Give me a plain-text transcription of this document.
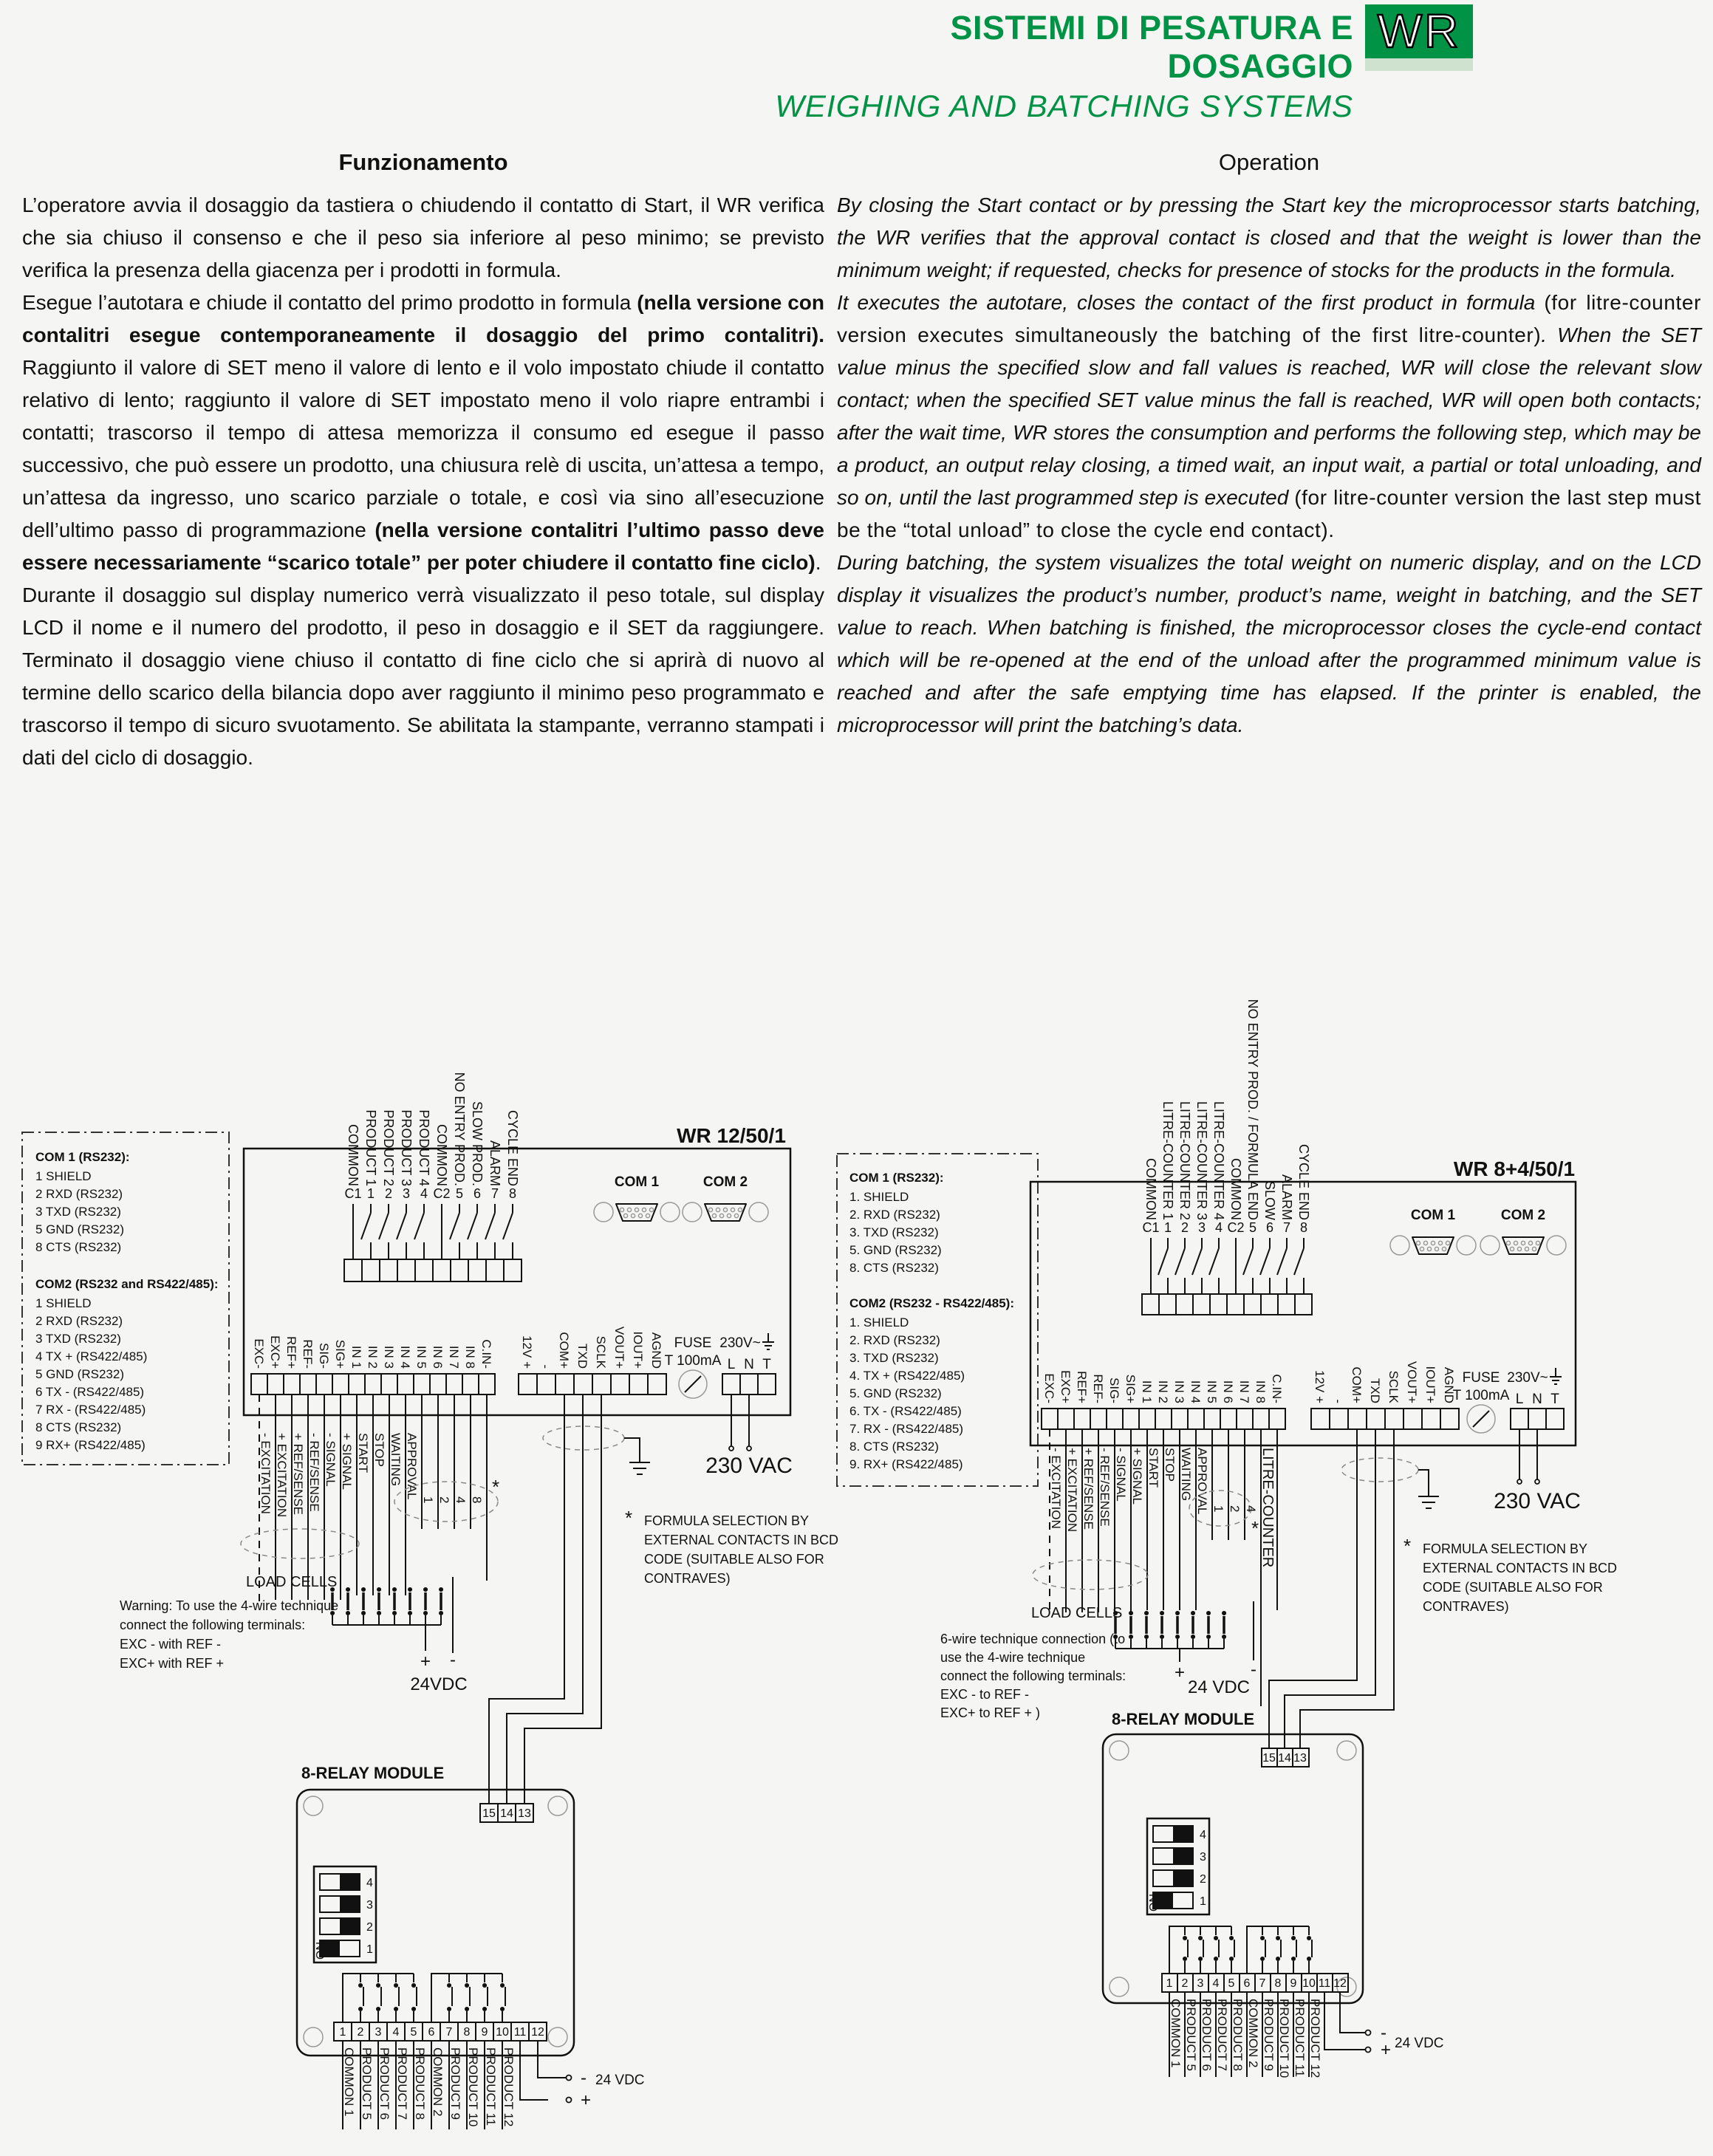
SISTEMI DI PESATURA E DOSAGGIO
WEIGHING AND BATCHING SYSTEMS
WR
Funzionamento

L’operatore avvia il dosaggio da tastiera o chiudendo il contatto di Start, il WR verifica che sia chiuso il consenso e che il peso sia inferiore al peso minimo; se previsto verifica la presenza della giacenza per i prodotti in formula.

Esegue l’autotara e chiude il contatto del primo prodotto in formula (nella versione con contalitri esegue contemporaneamente il dosaggio del primo contalitri). Raggiunto il valore di SET meno il valore di lento e il volo impostato chiude il contatto relativo di lento; raggiunto il valore di SET impostato meno il volo riapre entrambi i contatti; trascorso il tempo di attesa memorizza il consumo ed esegue il passo successivo, che può essere un prodotto, una chiusura relè di uscita, un’attesa a tempo, un’attesa da ingresso, uno scarico parziale o totale, e così via sino all’esecuzione dell’ultimo passo di programmazione (nella versione contalitri l’ultimo passo deve essere necessariamente “scarico totale” per poter chiudere il contatto fine ciclo).

Durante il dosaggio sul display numerico verrà visualizzato il peso totale, sul display LCD il nome e il numero del prodotto, il peso in dosaggio e il SET da raggiungere. Terminato il dosaggio viene chiuso il contatto di fine ciclo che si aprirà di nuovo al termine dello scarico della bilancia dopo aver raggiunto il minimo peso programmato e trascorso il tempo di sicuro svuotamento. Se abilitata la stampante, verranno stampati i dati del ciclo di dosaggio.

Operation

By closing the Start contact or by pressing the Start key the microprocessor starts batching, the WR verifies that the approval contact is closed and that the weight is lower than the minimum weight; if requested, checks for presence of stocks for the products in the formula.

It executes the autotare, closes the contact of the first product in formula (for litre-counter version executes simultaneously the batching of the first litre-counter). When the SET value minus the specified slow and fall values is reached, WR will close the relevant slow contact; when the specified SET value minus the fall is reached, WR will open both contacts; after the wait time, WR stores the consumption and performs the following step, which may be a product, an output relay closing, a timed wait, an input wait, a partial or total unloading, and so on, until the last programmed step is executed (for litre-counter version the last step must be the “total unload” to close the cycle end contact).

During batching, the system visualizes the total weight on numeric display, and on the LCD display it visualizes the product’s number, product’s name, weight in batching, and the SET value to reach. When batching is finished, the microprocessor closes the cycle-end contact which will be re-opened at the end of the unload after the programmed minimum value is reached and after the safe emptying time has elapsed. If the printer is enabled, the microprocessor will print the batching’s data.

COM 1 (RS232):
1 SHIELD
2 RXD (RS232)
3 TXD (RS232)
5 GND (RS232)
8 CTS (RS232)
COM2 (RS232 and RS422/485):
1 SHIELD
2 RXD (RS232)
3 TXD (RS232)
4 TX + (RS422/485)
5 GND (RS232)
6 TX - (RS422/485)
7 RX - (RS422/485)
8 CTS (RS232)
9 RX+ (RS422/485)
WR 12/50/1
COMMON PRODUCT 1 PRODUCT 2 PRODUCT 3 PRODUCT 4 COMMON NO ENTRY PROD. SLOW PROD. ALARM CYCLE END
C1 1 2 3 4 C2 5 6 7 8
COM 1	COM 2
EXC- EXC+ REF+ REF- SIG- SIG+ IN 1 IN 2 IN 3 IN 4 IN 5 IN 6 IN 7 IN 8 C.IN- 12V + - COM+ TXD SCLK VOUT+ IOUT+ AGND FUSE
T 100mA
230V~
L N T
230 VAC
- EXCITATION + EXCITATION + REF/SENSE - REF/SENSE - SIGNAL + SIGNAL START STOP WAITING APPROVAL
1 2 4 8
*
LOAD CELLS
+ -
24VDC
Warning: To use the 4-wire technique
connect the following terminals:
EXC - with REF -
EXC+ with REF +
* FORMULA SELECTION BY
EXTERNAL CONTACTS IN BCD
CODE (SUITABLE ALSO FOR
CONTRAVES)
8-RELAY MODULE
15 14 13
4
3
2
1
ON
1 2 3 4 5 6 7 8 9 10 11 12
COMMON 1 PRODUCT 5 PRODUCT 6 PRODUCT 7 PRODUCT 8 COMMON 2 PRODUCT 9 PRODUCT 10 PRODUCT 11 PRODUCT 12	-
+
24 VDC
COM 1 (RS232):
1. SHIELD
2. RXD (RS232)
3. TXD (RS232)
5. GND (RS232)
8. CTS (RS232)
COM2 (RS232 - RS422/485):
1. SHIELD
2. RXD (RS232)
3. TXD (RS232)
4. TX + (RS422/485)
5. GND (RS232)
6. TX - (RS422/485)
7. RX - (RS422/485)
8. CTS (RS232)
9. RX+ (RS422/485)
WR 8+4/50/1
COMMON LITRE-COUNTER 1 LITRE-COUNTER 2 LITRE-COUNTER 3 LITRE-COUNTER 4 COMMON NO ENTRY PROD. / FORMULA END SLOW ALARM CYCLE END
C1 1 2 3 4 C2 5 6 7 8
COM 1	COM 2
EXC- EXC+ REF+ REF- SIG- SIG+ IN 1 IN 2 IN 3 IN 4 IN 5 IN 6 IN 7 IN 8 C.IN- 12V + - COM+ TXD SCLK VOUT+ IOUT+ AGND FUSE
T 100mA
230V~
L N T
230 VAC
- EXCITATION + EXCITATION + REF/SENSE - REF/SENSE - SIGNAL + SIGNAL START STOP WAITING APPROVAL 1 2 4
* LITRE-COUNTER
LOAD CELLS
+	-
24 VDC
6-wire technique connection (to
use the 4-wire technique
connect the following terminals:
EXC - to REF -
EXC+ to REF + )
* FORMULA SELECTION BY
EXTERNAL CONTACTS IN BCD
CODE (SUITABLE ALSO FOR
CONTRAVES)
8-RELAY MODULE
15 14 13
4
3
2
1
ON
1 2 3 4 5 6 7 8 9 10 11 12
COMMON 1 PRODUCT 5 PRODUCT 6 PRODUCT 7 PRODUCT 8 COMMON 2 PRODUCT 9 PRODUCT 10 PRODUCT 11 PRODUCT 12	-
+ 24 VDC
